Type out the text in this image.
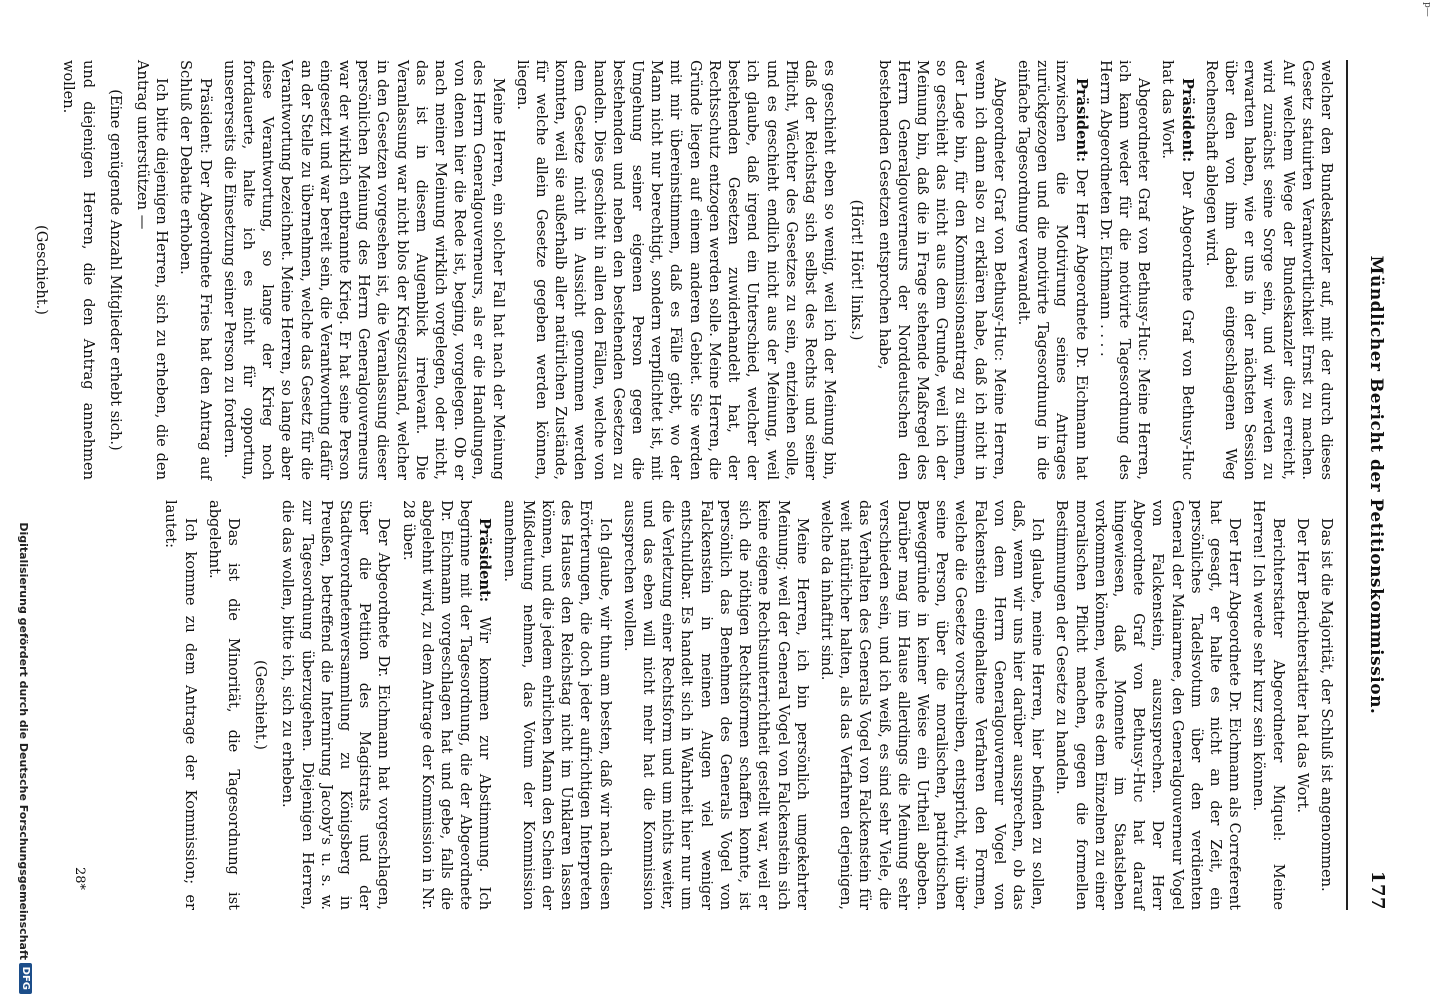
p—
Mündlicher Bericht der Petitionskommission.
177

welcher den Bundeskanzler auf, mit der durch dieses Gesetz statuirten Verantwortlichkeit Ernst zu machen. Auf welchem Wege der Bundeskanzler dies erreicht, wird zunächst seine Sorge sein, und wir werden zu erwarten haben, wie er uns in der nächsten Session über den von ihm dabei eingeschlagenen Weg Rechenschaft ablegen wird.

Präsident: Der Abgeordnete Graf von Bethusy-Huc hat das Wort.

Abgeordneter Graf von Bethusy-Huc: Meine Herren, ich kann weder für die motivirte Tagesordnung des Herrn Abgeordneten Dr. Eichmann . . . .

Präsident: Der Herr Abgeordnete Dr. Eichmann hat inzwischen die Motivirung seines Antrages zurückgezogen und die motivirte Tagesordnung in die einfache Tagesordnung verwandelt.

Abgeordneter Graf von Bethusy-Huc: Meine Herren, wenn ich dann also zu erklären habe, daß ich nicht in der Lage bin, für den Kommissionsantrag zu stimmen, so geschieht das nicht aus dem Grunde, weil ich der Meinung bin, daß die in Frage stehende Maßregel des Herrn Generalgouverneurs der Norddeutschen den bestehenden Gesetzen entsprochen habe,

(Hört! Hört! links.)

es geschieht eben so wenig, weil ich der Meinung bin, daß der Reichstag sich selbst des Rechts und seiner Pflicht, Wächter des Gesetzes zu sein, entziehen solle, und es geschieht endlich nicht aus der Meinung, weil ich glaube, daß irgend ein Unterschied, welcher der bestehenden Gesetzen zuwiderhandelt hat, der Rechtsschutz entzogen werden solle. Meine Herren, die Gründe liegen auf einem anderen Gebiet. Sie werden mit mir übereinstimmen, daß es Fälle giebt, wo der Mann nicht nur berechtigt, sondern verpflichtet ist, mit Umgehung seiner eigenen Person gegen die bestehenden und neben den bestehenden Gesetzen zu handeln. Dies geschieht in allen den Fällen, welche von dem Gesetze nicht in Aussicht genommen werden konnten, weil sie außerhalb aller natürlichen Zustände, für welche allein Gesetze gegeben werden können, liegen.

Meine Herren, ein solcher Fall hat nach der Meinung des Herrn Generalgouverneurs, als er die Handlungen, von denen hier die Rede ist, beging, vorgelegen. Ob er nach meiner Meinung wirklich vorgelegen, oder nicht, das ist in diesem Augenblick irrelevant. Die Veranlassung war nicht blos der Kriegszustand, welcher in den Gesetzen vorgesehen ist, die Veranlassung dieser persönlichen Meinung des Herrn Generalgouverneurs war der wirklich entbrannte Krieg. Er hat seine Person eingesetzt und war bereit sein, die Verantwortung dafür an der Stelle zu übernehmen, welche das Gesetz für die Verantwortung bezeichnet. Meine Herren, so lange aber diese Verantwortung, so lange der Krieg noch fortdauerte, halte ich es nicht für opportun, unsererseits die Einsetzung seiner Person zu fordern.

Präsident: Der Abgeordnete Fries hat den Antrag auf Schluß der Debatte erhoben.

Ich bitte diejenigen Herren, sich zu erheben, die den Antrag unterstützen —

(Eine genügende Anzahl Mitglieder erhebt sich.)

und diejenigen Herren, die den Antrag annehmen wollen.

(Geschieht.)

Das ist die Majorität, der Schluß ist angenommen.

Der Herr Berichterstatter hat das Wort.

Berichterstatter Abgeordneter Miquel: Meine Herren! Ich werde sehr kurz sein können.

Der Herr Abgeordnete Dr. Eichmann als Correferent hat gesagt, er halte es nicht an der Zeit, ein persönliches Tadelsvotum über den verdienten General der Mainarmee, den Generalgouverneur Vogel von Falckenstein, auszusprechen. Der Herr Abgeordnete Graf von Bethusy-Huc hat darauf hingewiesen, daß Momente im Staatsleben vorkommen können, welche es dem Einzelnen zu einer moralischen Pflicht machen, gegen die formellen Bestimmungen der Gesetze zu handeln.

Ich glaube, meine Herren, hier befinden zu sollen, daß, wenn wir uns hier darüber aussprechen, ob das von dem Herrn Generalgouverneur Vogel von Falckenstein eingehaltene Verfahren den Formen, welche die Gesetze vorschreiben, entspricht, wir über seine Person, über die moralischen, patriotischen Beweggründe in keiner Weise ein Urtheil abgeben. Darüber mag im Hause allerdings die Meinung sehr verschieden sein, und ich weiß, es sind sehr Viele, die das Verhalten des Generals Vogel von Falckenstein für weit natürlicher halten, als das Verfahren derjenigen, welche da inhaftirt sind.

Meine Herren, ich bin persönlich umgekehrter Meinung; weil der General Vogel von Falckenstein sich keine eigene Rechtsunterrichtheit gestellt war, weil er sich die nöthigen Rechtsformen schaffen konnte, ist persönlich das Benehmen des Generals Vogel von Falckenstein in meinen Augen viel weniger entschuldbar. Es handelt sich in Wahrheit hier nur um die Verletzung einer Rechtsform und um nichts weiter, und das eben will nicht mehr hat die Kommission aussprechen wollen.

Ich glaube, wir thun am besten, daß wir nach diesen Erörterungen, die doch jeder aufrichtigen Interpreten des Hauses den Reichstag nicht im Unklaren lassen können, und die jedem ehrlichen Mann den Schein der Mißdeutung nehmen, das Votum der Kommission annehmen.

Präsident: Wir kommen zur Abstimmung. Ich begrinne mit der Tagesordnung, die der Abgeordnete Dr. Eichmann vorgeschlagen hat und gebe, falls die abgelehnt wird, zu dem Antrage der Kommission in Nr. 28 über.

Der Abgeordnete Dr. Eichmann hat vorgeschlagen, über die Petition des Magistrats und der Stadtverordnetenversammlung zu Königsberg in Preußen, betreffend die Internirung Jacoby's u. s. w. zur Tagesordnung überzugehen. Diejenigen Herren, die das wollen, bitte ich, sich zu erheben.

(Geschieht.)

Das ist die Minorität, die Tagesordnung ist abgelehnt.

Ich komme zu dem Antrage der Kommission; er lautet:

28*
Digitalisierung gefördert durch die Deutsche Forschungsgemeinschaft
DFG
